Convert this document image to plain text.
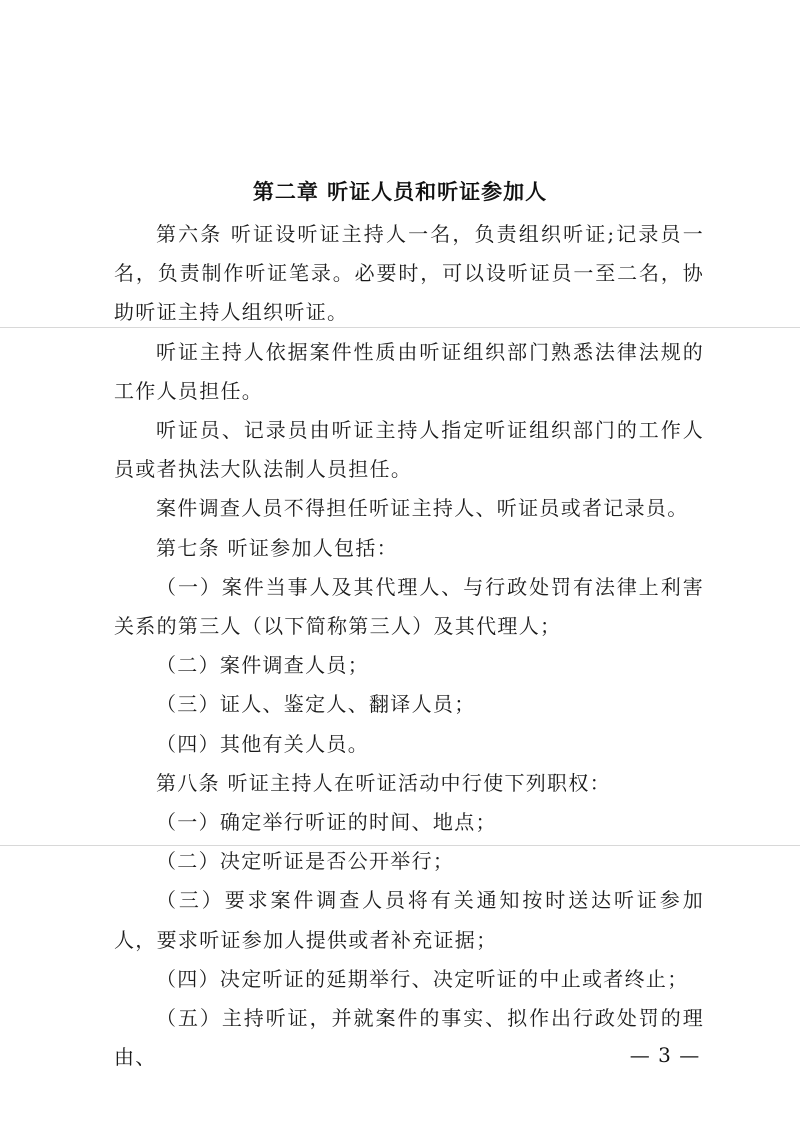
第二章 听证人员和听证参加人

第六条 听证设听证主持人一名，负责组织听证;记录员一名，负责制作听证笔录。必要时，可以设听证员一至二名，协助听证主持人组织听证。

听证主持人依据案件性质由听证组织部门熟悉法律法规的工作人员担任。

听证员、记录员由听证主持人指定听证组织部门的工作人员或者执法大队法制人员担任。

案件调查人员不得担任听证主持人、听证员或者记录员。

第七条 听证参加人包括：

（一）案件当事人及其代理人、与行政处罚有法律上利害关系的第三人（以下简称第三人）及其代理人；

（二）案件调查人员；

（三）证人、鉴定人、翻译人员；

（四）其他有关人员。

第八条 听证主持人在听证活动中行使下列职权：

（一）确定举行听证的时间、地点；

（二）决定听证是否公开举行；

（三）要求案件调查人员将有关通知按时送达听证参加人，要求听证参加人提供或者补充证据；

（四）决定听证的延期举行、决定听证的中止或者终止；

（五）主持听证，并就案件的事实、拟作出行政处罚的理由、	— 3 —
